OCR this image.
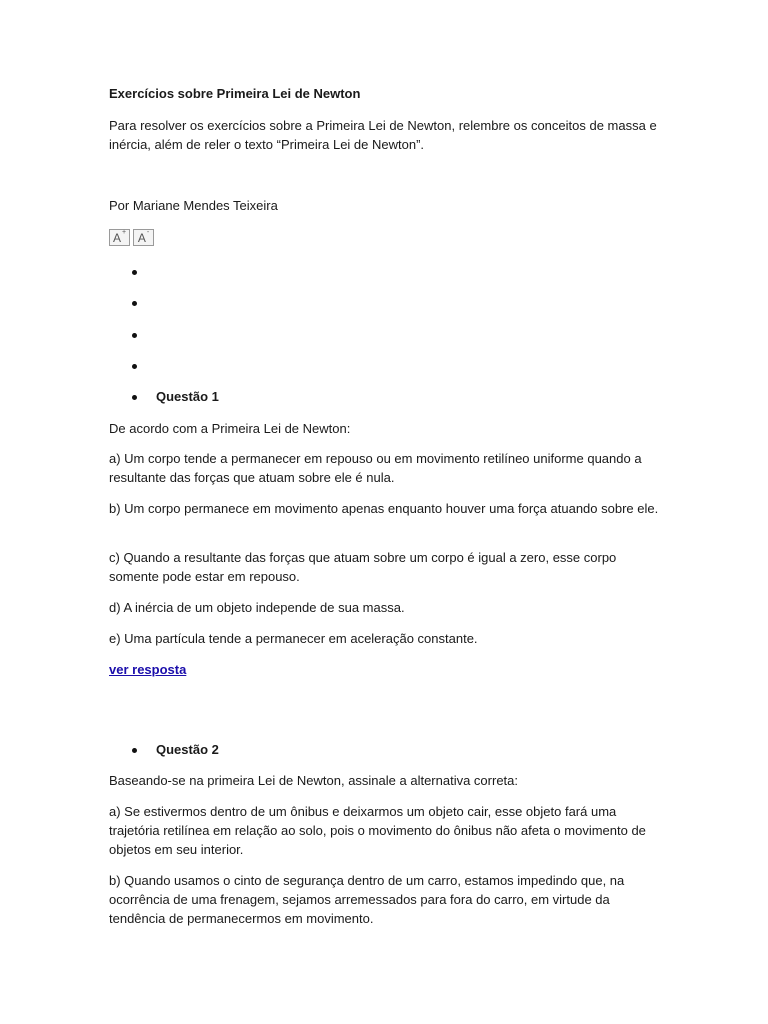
Exercícios sobre Primeira Lei de Newton
Para resolver os exercícios sobre a Primeira Lei de Newton, relembre os conceitos de massa e inércia, além de reler o texto “Primeira Lei de Newton”.
Por Mariane Mendes Teixeira
A+ A-
Questão 1
De acordo com a Primeira Lei de Newton:
a) Um corpo tende a permanecer em repouso ou em movimento retilíneo uniforme quando a resultante das forças que atuam sobre ele é nula.
b) Um corpo permanece em movimento apenas enquanto houver uma força atuando sobre ele.
c) Quando a resultante das forças que atuam sobre um corpo é igual a zero, esse corpo somente pode estar em repouso.
d) A inércia de um objeto independe de sua massa.
e) Uma partícula tende a permanecer em aceleração constante.
ver resposta
Questão 2
Baseando-se na primeira Lei de Newton, assinale a alternativa correta:
a) Se estivermos dentro de um ônibus e deixarmos um objeto cair, esse objeto fará uma trajetória retilínea em relação ao solo, pois o movimento do ônibus não afeta o movimento de objetos em seu interior.
b) Quando usamos o cinto de segurança dentro de um carro, estamos impedindo que, na ocorrência de uma frenagem, sejamos arremessados para fora do carro, em virtude da tendência de permanecermos em movimento.
